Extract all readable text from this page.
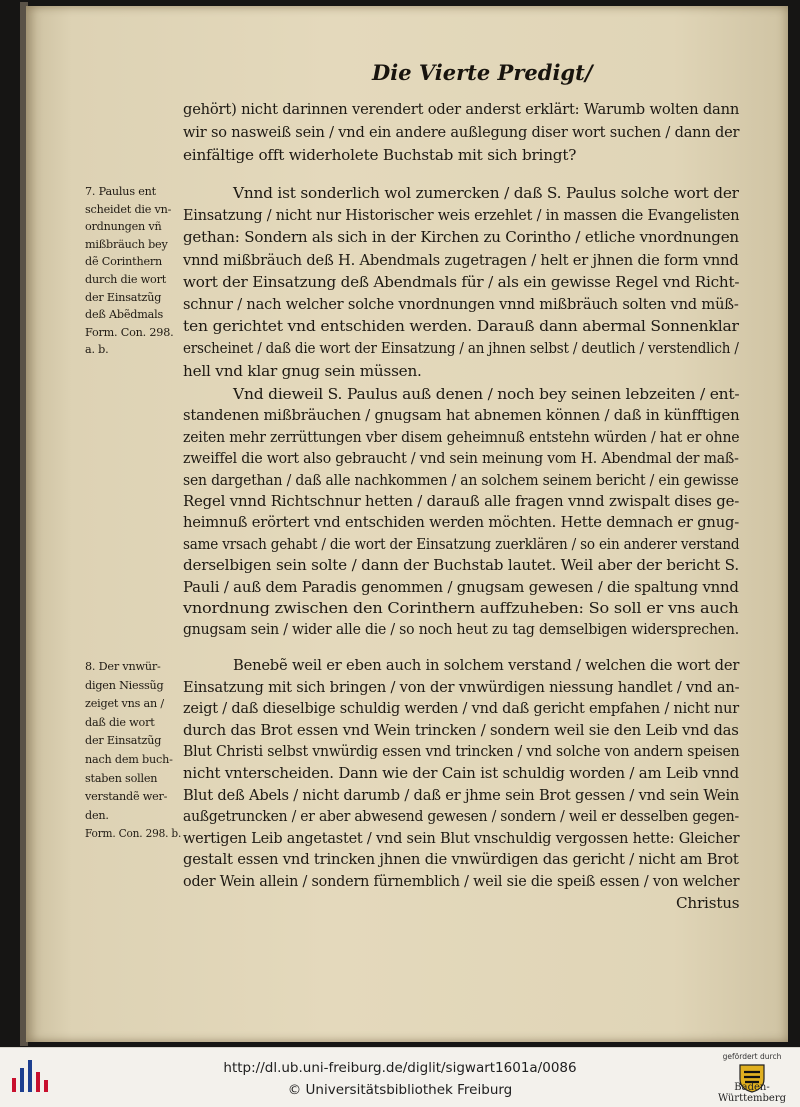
Die Vierte Predigt/
gehört) nicht darinnen verendert oder anderst erklärt: Warumb wolten dann
wir so nasweiß sein / vnd ein andere außlegung diser wort suchen / dann der
einfältige offt widerholete Buchstab mit sich bringt?
Vnnd ist sonderlich wol zumercken / daß S. Paulus solche wort der
Einsatzung / nicht nur Historischer weis erzehlet / in massen die Evangelisten
gethan: Sondern als sich in der Kirchen zu Corintho / etliche vnordnungen
vnnd mißbräuch deß H. Abendmals zugetragen / helt er jhnen die form vnnd
wort der Einsatzung deß Abendmals für / als ein gewisse Regel vnd Richt-
schnur / nach welcher solche vnordnungen vnnd mißbräuch solten vnd müß-
ten gerichtet vnd entschiden werden. Darauß dann abermal Sonnenklar
erscheinet / daß die wort der Einsatzung / an jhnen selbst / deutlich / verstendlich /
hell vnd klar gnug sein müssen.
Vnd dieweil S. Paulus auß denen / noch bey seinen lebzeiten / ent-
standenen mißbräuchen / gnugsam hat abnemen können / daß in künfftigen
zeiten mehr zerrüttungen vber disem geheimnuß entstehn würden / hat er ohne
zweiffel die wort also gebraucht / vnd sein meinung vom H. Abendmal der maß-
sen dargethan / daß alle nachkommen / an solchem seinem bericht / ein gewisse
Regel vnnd Richtschnur hetten / darauß alle fragen vnnd zwispalt dises ge-
heimnuß erörtert vnd entschiden werden möchten. Hette demnach er gnug-
same vrsach gehabt / die wort der Einsatzung zuerklären / so ein anderer verstand
derselbigen sein solte / dann der Buchstab lautet. Weil aber der bericht S.
Pauli / auß dem Paradis genommen / gnugsam gewesen / die spaltung vnnd
vnordnung zwischen den Corinthern auffzuheben: So soll er vns auch
gnugsam sein / wider alle die / so noch heut zu tag demselbigen widersprechen.
Benebẽ weil er eben auch in solchem verstand / welchen die wort der
Einsatzung mit sich bringen / von der vnwürdigen niessung handlet / vnd an-
zeigt / daß dieselbige schuldig werden / vnd daß gericht empfahen / nicht nur
durch das Brot essen vnd Wein trincken / sondern weil sie den Leib vnd das
Blut Christi selbst vnwürdig essen vnd trincken / vnd solche von andern speisen
nicht vnterscheiden. Dann wie der Cain ist schuldig worden / am Leib vnnd
Blut deß Abels / nicht darumb / daß er jhme sein Brot gessen / vnd sein Wein
außgetruncken / er aber abwesend gewesen / sondern / weil er desselben gegen-
wertigen Leib angetastet / vnd sein Blut vnschuldig vergossen hette: Gleicher
gestalt essen vnd trincken jhnen die vnwürdigen das gericht / nicht am Brot
oder Wein allein / sondern fürnemblich / weil sie die speiß essen / von welcher
Christus
7. Paulus ent
scheidet die vn-
ordnungen vñ
mißbräuch bey
dẽ Corinthern
durch die wort
der Einsatzũg
deß Abẽdmals
Form. Con. 298.
a. b.
8. Der vnwür-
digen Niessũg
zeiget vns an /
daß die wort
der Einsatzũg
nach dem buch-
staben sollen
verstandẽ wer-
den.
Form. Con. 298. b.
http://dl.ub.uni-freiburg.de/diglit/sigwart1601a/0086
© Universitätsbibliothek Freiburg
gefördert durch
Baden-Württemberg
